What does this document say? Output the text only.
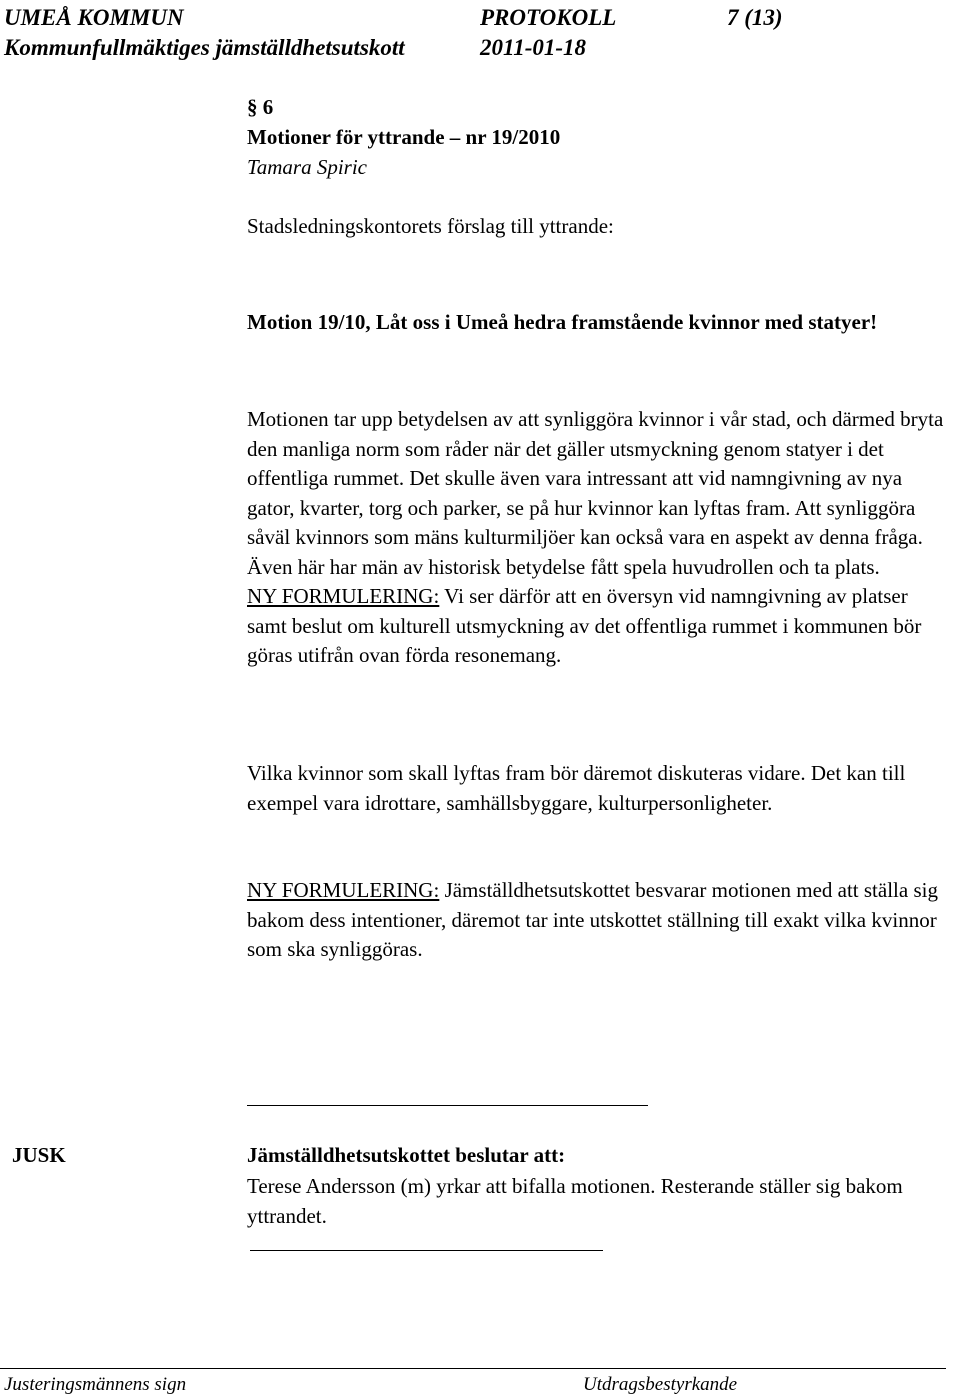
UMEÅ KOMMUN	PROTOKOLL	7 (13)
Kommunfullmäktiges jämställdhetsutskott	2011-01-18
§ 6
Motioner för yttrande – nr 19/2010
Tamara Spiric
Stadsledningskontorets förslag till yttrande:
Motion 19/10, Låt oss i Umeå hedra framstående kvinnor med statyer!
Motionen tar upp betydelsen av att synliggöra kvinnor i vår stad, och därmed bryta den manliga norm som råder när det gäller utsmyckning genom statyer i det offentliga rummet. Det skulle även vara intressant att vid namngivning av nya gator, kvarter, torg och parker, se på hur kvinnor kan lyftas fram. Att synliggöra såväl kvinnors som mäns kulturmiljöer kan också vara en aspekt av denna fråga. Även här har män av historisk betydelse fått spela huvudrollen och ta plats.
NY FORMULERING: Vi ser därför att en översyn vid namngivning av platser samt beslut om kulturell utsmyckning av det offentliga rummet i kommunen bör göras utifrån ovan förda resonemang.
Vilka kvinnor som skall lyftas fram bör däremot diskuteras vidare. Det kan till exempel vara idrottare, samhällsbyggare, kulturpersonligheter.
NY FORMULERING: Jämställdhetsutskottet besvarar motionen med att ställa sig bakom dess intentioner, däremot tar inte utskottet ställning till exakt vilka kvinnor som ska synliggöras.
JUSK	Jämställdhetsutskottet beslutar att:
Terese Andersson (m) yrkar att bifalla motionen. Resterande ställer sig bakom yttrandet.
Justeringsmännens sign	Utdragsbestyrkande
